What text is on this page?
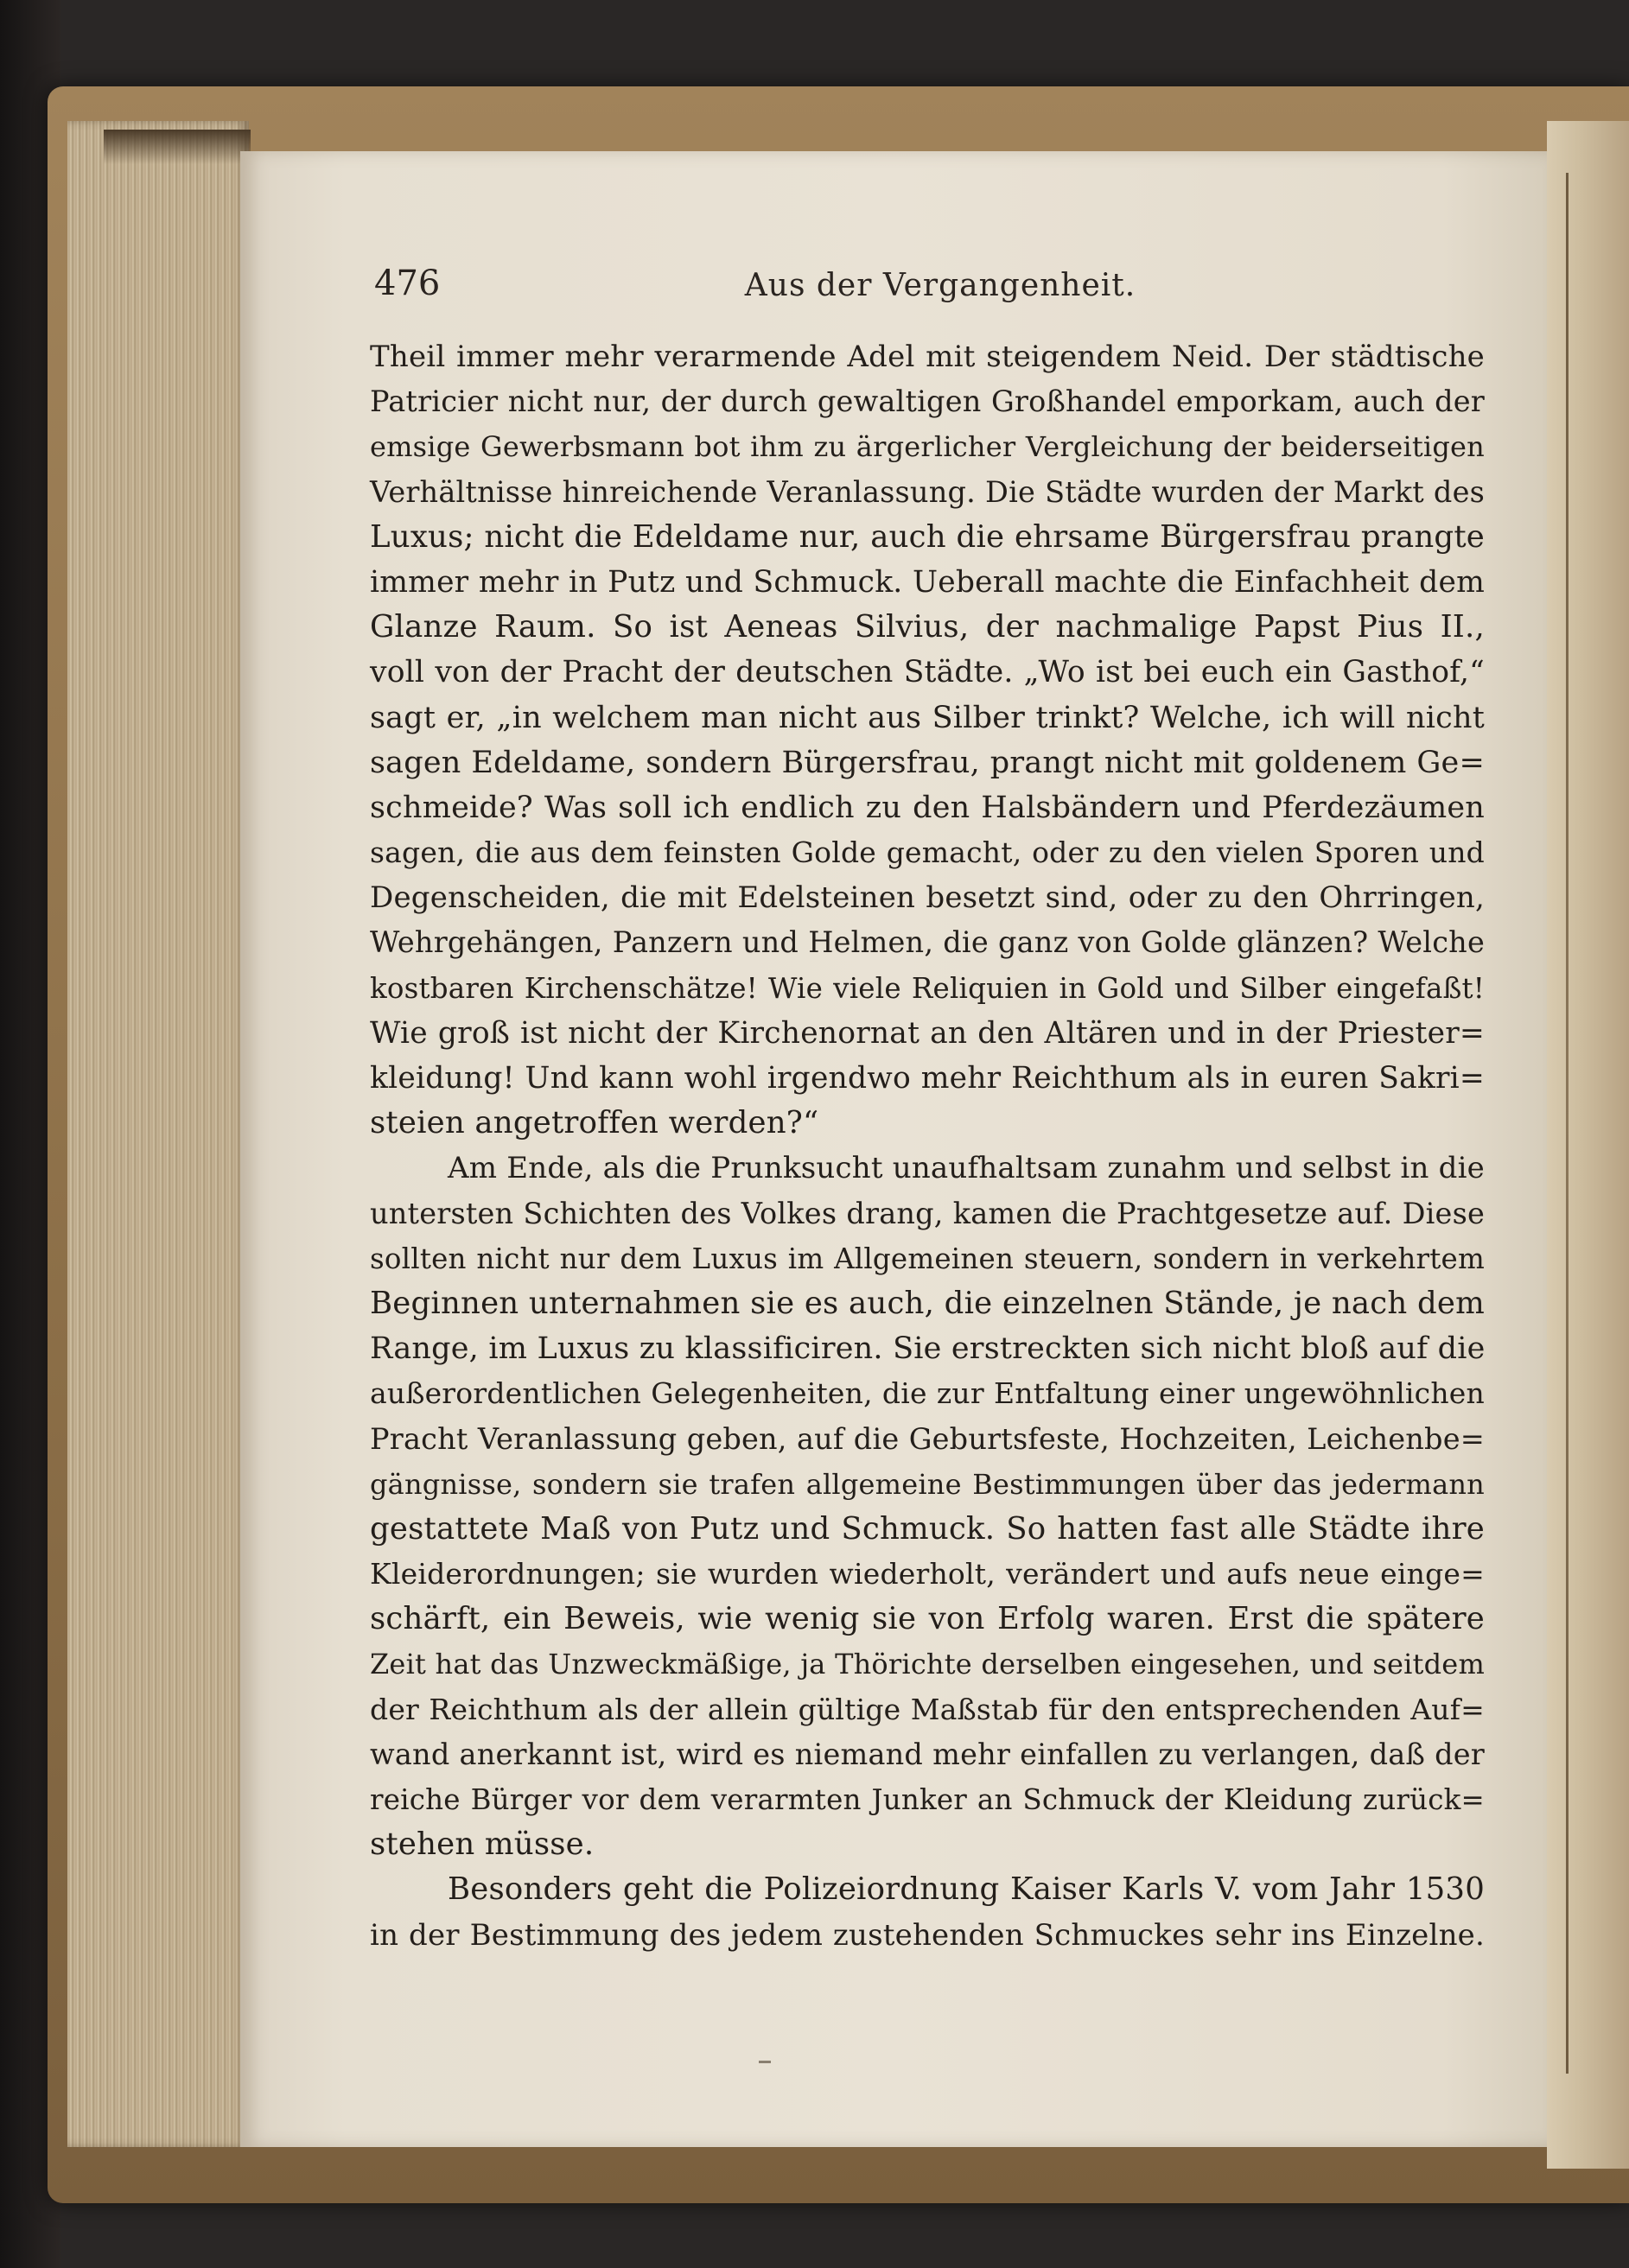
476	Aus der Vergangenheit.
Theil immer mehr verarmende Adel mit steigendem Neid. Der städtische
Patricier nicht nur, der durch gewaltigen Großhandel emporkam, auch der
emsige Gewerbsmann bot ihm zu ärgerlicher Vergleichung der beiderseitigen
Verhältnisse hinreichende Veranlassung. Die Städte wurden der Markt des
Luxus; nicht die Edeldame nur, auch die ehrsame Bürgersfrau prangte
immer mehr in Putz und Schmuck. Ueberall machte die Einfachheit dem
Glanze Raum. So ist Aeneas Silvius, der nachmalige Papst Pius II.,
voll von der Pracht der deutschen Städte. „Wo ist bei euch ein Gasthof,“
sagt er, „in welchem man nicht aus Silber trinkt? Welche, ich will nicht
sagen Edeldame, sondern Bürgersfrau, prangt nicht mit goldenem Ge=
schmeide? Was soll ich endlich zu den Halsbändern und Pferdezäumen
sagen, die aus dem feinsten Golde gemacht, oder zu den vielen Sporen und
Degenscheiden, die mit Edelsteinen besetzt sind, oder zu den Ohrringen,
Wehrgehängen, Panzern und Helmen, die ganz von Golde glänzen? Welche
kostbaren Kirchenschätze! Wie viele Reliquien in Gold und Silber eingefaßt!
Wie groß ist nicht der Kirchenornat an den Altären und in der Priester=
kleidung! Und kann wohl irgendwo mehr Reichthum als in euren Sakri=
steien angetroffen werden?“
Am Ende, als die Prunksucht unaufhaltsam zunahm und selbst in die
untersten Schichten des Volkes drang, kamen die Prachtgesetze auf. Diese
sollten nicht nur dem Luxus im Allgemeinen steuern, sondern in verkehrtem
Beginnen unternahmen sie es auch, die einzelnen Stände, je nach dem
Range, im Luxus zu klassificiren. Sie erstreckten sich nicht bloß auf die
außerordentlichen Gelegenheiten, die zur Entfaltung einer ungewöhnlichen
Pracht Veranlassung geben, auf die Geburtsfeste, Hochzeiten, Leichenbe=
gängnisse, sondern sie trafen allgemeine Bestimmungen über das jedermann
gestattete Maß von Putz und Schmuck. So hatten fast alle Städte ihre
Kleiderordnungen; sie wurden wiederholt, verändert und aufs neue einge=
schärft, ein Beweis, wie wenig sie von Erfolg waren. Erst die spätere
Zeit hat das Unzweckmäßige, ja Thörichte derselben eingesehen, und seitdem
der Reichthum als der allein gültige Maßstab für den entsprechenden Auf=
wand anerkannt ist, wird es niemand mehr einfallen zu verlangen, daß der
reiche Bürger vor dem verarmten Junker an Schmuck der Kleidung zurück=
stehen müsse.
Besonders geht die Polizeiordnung Kaiser Karls V. vom Jahr 1530
in der Bestimmung des jedem zustehenden Schmuckes sehr ins Einzelne.
